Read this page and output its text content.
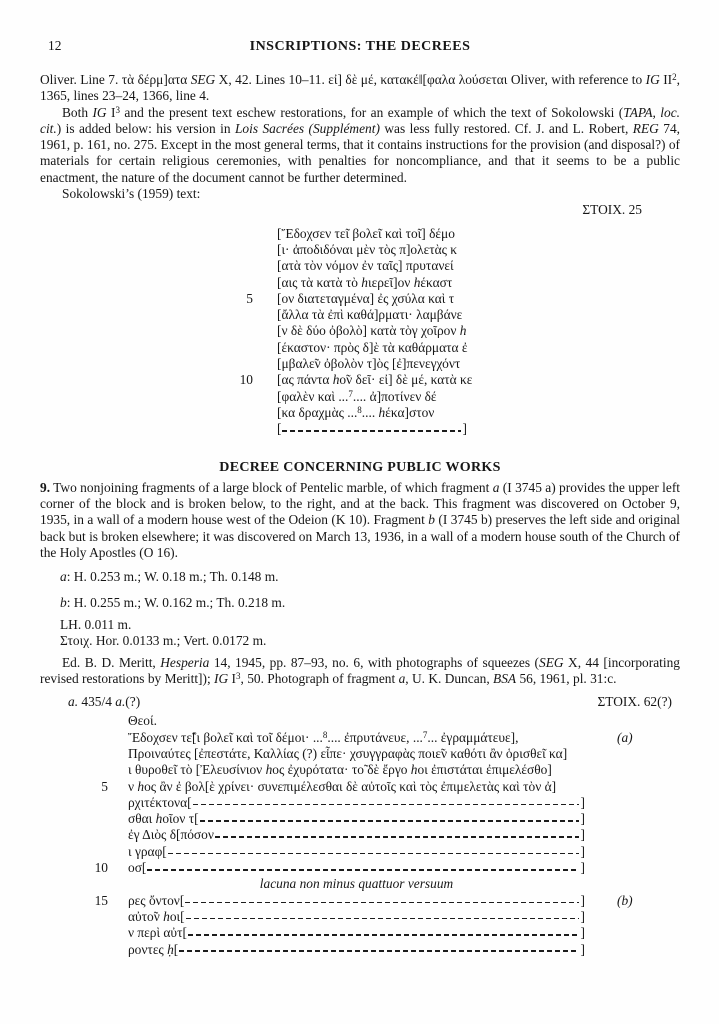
12	INSCRIPTIONS: THE DECREES

Oliver. Line 7. τὰ δέρμ]ατα SEG X, 42. Lines 10–11. εἰ] δὲ μέ, κατακέ‖[φαλα λούσεται Oliver, with reference to IG $II^2$, 1365, lines 23–24, 1366, line 4.

Both IG $I^3$ and the present text eschew restorations, for an example of which the text of Sokolowski (TAPA, loc. cit.) is added below: his version in Lois Sacrées (Supplément) was less fully restored. Cf. J. and L. Robert, REG 74, 1961, p. 161, no. 275. Except in the most general terms, that it contains instructions for the provision (and disposal?) of materials for certain religious ceremonies, with penalties for noncompliance, and that it seems to be a public enactment, the nature of the document cannot be further determined.

Sokolowski’s (1959) text:

ΣΤΟΙΧ. 25
[Ἔδοχσεν τε̃ι βολε̃ι καὶ το̃ι] δέμο
[ι· ἀποδιδόναι μὲν τὸς π]ολετὰς κ
[ατὰ τὸν νόμον ἐν ταῖς] πρυτανεί
[αις τὰ κατὰ τὸ hιερεῖ]ον hέκαστ
5 [ον διατεταγμένα] ἐς χσύλα καὶ τ
[ἄλλα τὰ ἐπὶ καθά]ρματι· λαμβάνε
[ν δὲ δύο ὀβολὸ] κατὰ τὸγ χοῖρον h
[έκαστον· πρὸς δ]ὲ τὰ καθάρματα ἐ
[μβαλε̃ν ὀβολὸν τ]ὸς [ἐ]πενεγχόντ
10 [ας πάντα hο̃ν δεῖ· εἰ] δὲ μέ, κατὰ κε
[φαλὲν καὶ ...$^7$.... ἀ]ποτίνεν δέ
[κα δραχμὰς ...$^8$.... hέκα]στον
[	]
DECREE CONCERNING PUBLIC WORKS

9. Two nonjoining fragments of a large block of Pentelic marble, of which fragment a (I 3745 a) provides the upper left corner of the block and is broken below, to the right, and at the back. This fragment was discovered on October 9, 1935, in a wall of a modern house west of the Odeion (K 10). Fragment b (I 3745 b) preserves the left side and original back but is broken elsewhere; it was discovered on March 13, 1936, in a wall of a modern house south of the Church of the Holy Apostles (O 16).

a: H. 0.253 m.; W. 0.18 m.; Th. 0.148 m.
b: H. 0.255 m.; W. 0.162 m.; Th. 0.218 m.
LH. 0.011 m.
Στοιχ. Hor. 0.0133 m.; Vert. 0.0172 m.

Ed. B. D. Meritt, Hesperia 14, 1945, pp. 87–93, no. 6, with photographs of squeezes (SEG X, 44 [incorporating revised restorations by Meritt]); IG $I^3$, 50. Photograph of fragment a, U. K. Duncan, BSA 56, 1961, pl. 31:c.

a. 435/4 a.(?)	ΣΤΟΙΧ. 62(?)
Θεοί.
Ἔδοχσεν τε̃[ι βολε̃ι καὶ το̃ι δέμοι· ...$^8$.... ἐπρυτάνευε, ...$^7$... ἐγραμμάτευε],	(a)
Προιναύτες [ἐπεστάτε, Καλλίας (?) εἶπε· χσυγγραφὰς ποιε̃ν καθότι ἂν ὁρισθε̃ι κα]
ι θυροθε̃ι τὸ [Ἐλευσίνιον hος ἐχυρότατα· το̃ δὲ ἔργο hοι ἐπιστάται ἐπιμελέσθο]
5 ν hος ἂν ἐ βολ[ὲ χρίνει· συνεπιμέλεσθαι δὲ αὐτοῖς καὶ τὸς ἐπιμελετὰς καὶ τὸν ἀ]
ρχιτέκτονα[	]
σθαι hοῖον τ[	]
ἐγ Διὸς δ[πόσον	]
ι γραφ[	]
10 οσ[	]
lacuna non minus quattuor versuum
15 ρες ὄντον[	] (b)
αὐτο̃ν hοι[	]
ν περὶ αὐτ[	]
ροντες ḥ[	]
